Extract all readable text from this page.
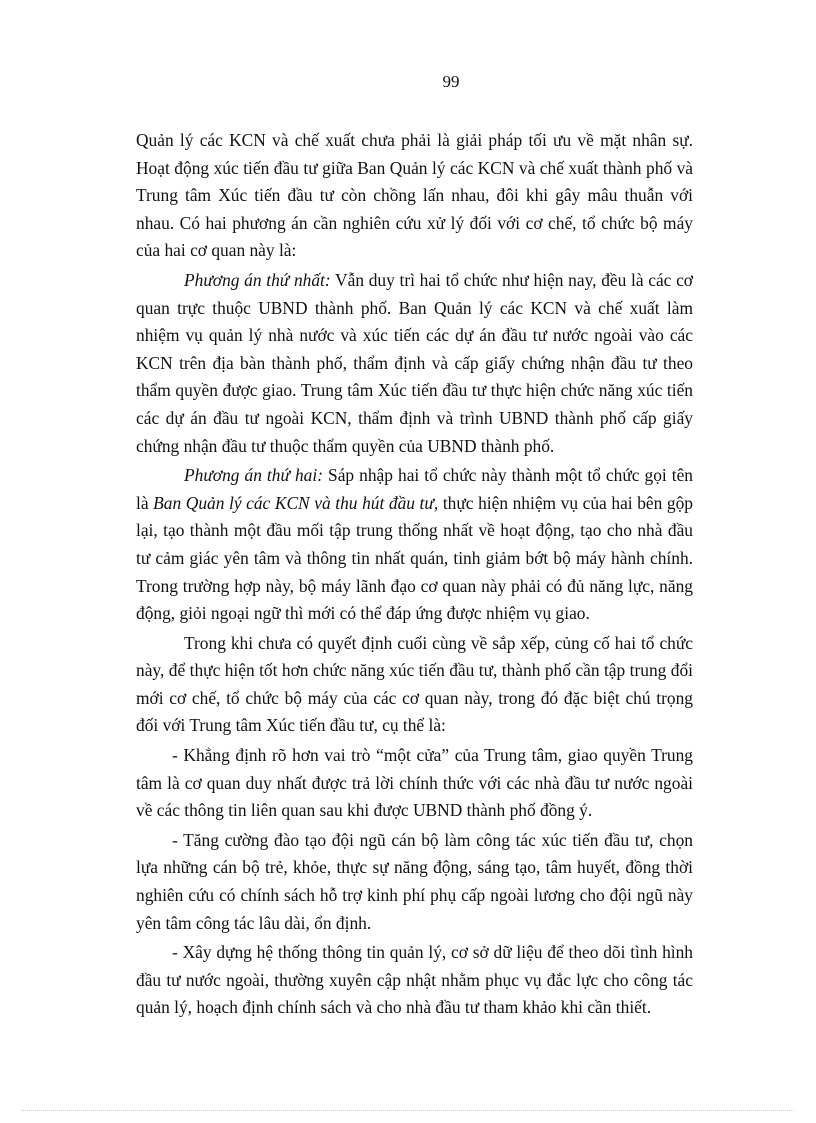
99

Quản lý các KCN và chế xuất chưa phải là giải pháp tối ưu về mặt nhân sự. Hoạt động xúc tiến đầu tư giữa Ban Quản lý các KCN và chế xuất thành phố và Trung tâm Xúc tiến đầu tư còn chồng lấn nhau, đôi khi gây mâu thuẫn với nhau. Có hai phương án cần nghiên cứu xử lý đối với cơ chế, tổ chức bộ máy của hai cơ quan này là:

Phương án thứ nhất: Vẫn duy trì hai tổ chức như hiện nay, đều là các cơ quan trực thuộc UBND thành phố. Ban Quản lý các KCN và chế xuất làm nhiệm vụ quản lý nhà nước và xúc tiến các dự án đầu tư nước ngoài vào các KCN trên địa bàn thành phố, thẩm định và cấp giấy chứng nhận đầu tư theo thẩm quyền được giao. Trung tâm Xúc tiến đầu tư thực hiện chức năng xúc tiến các dự án đầu tư ngoài KCN, thẩm định và trình UBND thành phố cấp giấy chứng nhận đầu tư thuộc thẩm quyền của UBND thành phố.

Phương án thứ hai: Sáp nhập hai tổ chức này thành một tổ chức gọi tên là Ban Quản lý các KCN và thu hút đầu tư, thực hiện nhiệm vụ của hai bên gộp lại, tạo thành một đầu mối tập trung thống nhất về hoạt động, tạo cho nhà đầu tư cảm giác yên tâm và thông tin nhất quán, tinh giảm bớt bộ máy hành chính. Trong trường hợp này, bộ máy lãnh đạo cơ quan này phải có đủ năng lực, năng động, giỏi ngoại ngữ thì mới có thể đáp ứng được nhiệm vụ giao.

Trong khi chưa có quyết định cuối cùng về sắp xếp, củng cố hai tổ chức này, để thực hiện tốt hơn chức năng xúc tiến đầu tư, thành phố cần tập trung đổi mới cơ chế, tổ chức bộ máy của các cơ quan này, trong đó đặc biệt chú trọng đối với Trung tâm Xúc tiến đầu tư, cụ thể là:

- Khẳng định rõ hơn vai trò “một cửa” của Trung tâm, giao quyền Trung tâm là cơ quan duy nhất được trả lời chính thức với các nhà đầu tư nước ngoài về các thông tin liên quan sau khi được UBND thành phố đồng ý.

- Tăng cường đào tạo đội ngũ cán bộ làm công tác xúc tiến đầu tư, chọn lựa những cán bộ trẻ, khỏe, thực sự năng động, sáng tạo, tâm huyết, đồng thời nghiên cứu có chính sách hỗ trợ kinh phí phụ cấp ngoài lương cho đội ngũ này yên tâm công tác lâu dài, ổn định.

- Xây dựng hệ thống thông tin quản lý, cơ sở dữ liệu để theo dõi tình hình đầu tư nước ngoài, thường xuyên cập nhật nhằm phục vụ đắc lực cho công tác quản lý, hoạch định chính sách và cho nhà đầu tư tham khảo khi cần thiết.
